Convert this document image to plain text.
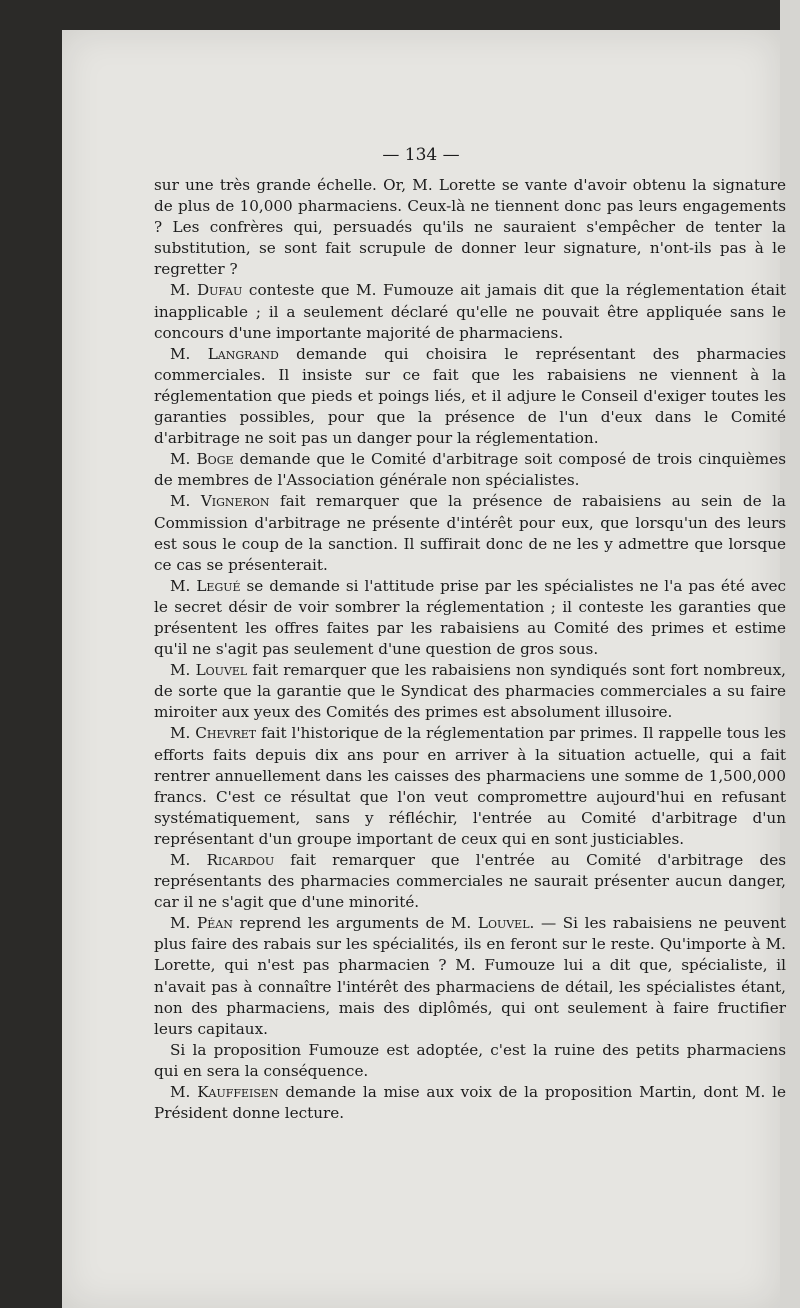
— 134 —

sur une très grande échelle. Or, M. Lorette se vante d'avoir obtenu la signature de plus de 10,000 pharmaciens. Ceux-là ne tiennent donc pas leurs engagements ? Les confrères qui, persuadés qu'ils ne sauraient s'empêcher de tenter la substitution, se sont fait scrupule de donner leur signature, n'ont-ils pas à le regretter ?

M. Dufau conteste que M. Fumouze ait jamais dit que la réglementation était inapplicable ; il a seulement déclaré qu'elle ne pouvait être appliquée sans le concours d'une importante majorité de pharmaciens.

M. Langrand demande qui choisira le représentant des pharmacies commerciales. Il insiste sur ce fait que les rabaisiens ne viennent à la réglementation que pieds et poings liés, et il adjure le Conseil d'exiger toutes les garanties possibles, pour que la présence de l'un d'eux dans le Comité d'arbitrage ne soit pas un danger pour la réglementation.

M. Boge demande que le Comité d'arbitrage soit composé de trois cinquièmes de membres de l'Association générale non spécialistes.

M. Vigneron fait remarquer que la présence de rabaisiens au sein de la Commission d'arbitrage ne présente d'intérêt pour eux, que lorsqu'un des leurs est sous le coup de la sanction. Il suffirait donc de ne les y admettre que lorsque ce cas se présenterait.

M. Legué se demande si l'attitude prise par les spécialistes ne l'a pas été avec le secret désir de voir sombrer la réglementation ; il conteste les garanties que présentent les offres faites par les rabaisiens au Comité des primes et estime qu'il ne s'agit pas seulement d'une question de gros sous.

M. Louvel fait remarquer que les rabaisiens non syndiqués sont fort nombreux, de sorte que la garantie que le Syndicat des pharmacies commerciales a su faire miroiter aux yeux des Comités des primes est absolument illusoire.

M. Chevret fait l'historique de la réglementation par primes. Il rappelle tous les efforts faits depuis dix ans pour en arriver à la situation actuelle, qui a fait rentrer annuellement dans les caisses des pharmaciens une somme de 1,500,000 francs. C'est ce résultat que l'on veut compromettre aujourd'hui en refusant systématiquement, sans y réfléchir, l'entrée au Comité d'arbitrage d'un représentant d'un groupe important de ceux qui en sont justiciables.

M. Ricardou fait remarquer que l'entrée au Comité d'arbitrage des représentants des pharmacies commerciales ne saurait présenter aucun danger, car il ne s'agit que d'une minorité.

M. Péan reprend les arguments de M. Louvel. — Si les rabaisiens ne peuvent plus faire des rabais sur les spécialités, ils en feront sur le reste. Qu'importe à M. Lorette, qui n'est pas pharmacien ? M. Fumouze lui a dit que, spécialiste, il n'avait pas à connaître l'intérêt des pharmaciens de détail, les spécialistes étant, non des pharmaciens, mais des diplômés, qui ont seulement à faire fructifier leurs capitaux.

Si la proposition Fumouze est adoptée, c'est la ruine des petits pharmaciens qui en sera la conséquence.

M. Kauffeisen demande la mise aux voix de la proposition Martin, dont M. le Président donne lecture.
